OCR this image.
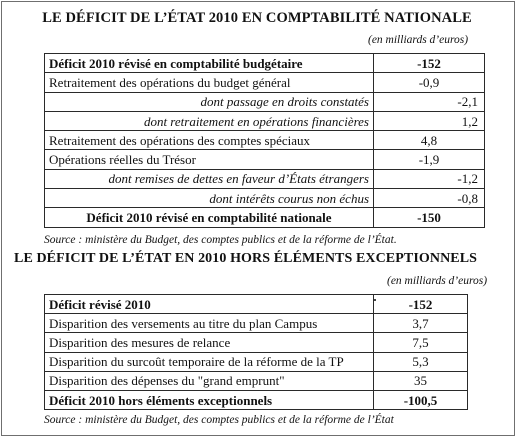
LE DÉFICIT DE L’ÉTAT 2010 EN COMPTABILITÉ NATIONALE
(en milliards d’euros)
Déficit 2010 révisé en comptabilité budgétaire	-152
Retraitement des opérations du budget général	-0,9
dont passage en droits constatés	-2,1
dont retraitement en opérations financières	1,2
Retraitement des opérations des comptes spéciaux	4,8
Opérations réelles du Trésor	-1,9
dont remises de dettes en faveur d’États étrangers	-1,2
dont intérêts courus non échus	-0,8
Déficit 2010 révisé en comptabilité nationale	-150
Source : ministère du Budget, des comptes publics et de la réforme de l’État.
LE DÉFICIT DE L’ÉTAT EN 2010 HORS ÉLÉMENTS EXCEPTIONNELS
(en milliards d’euros)
Déficit révisé 2010	-152
Disparition des versements au titre du plan Campus	3,7
Disparition des mesures de relance	7,5
Disparition du surcoût temporaire de la réforme de la TP	5,3
Disparition des dépenses du "grand emprunt"	35
Déficit 2010 hors éléments exceptionnels	-100,5
Source : ministère du Budget, des comptes publics et de la réforme de l’État
